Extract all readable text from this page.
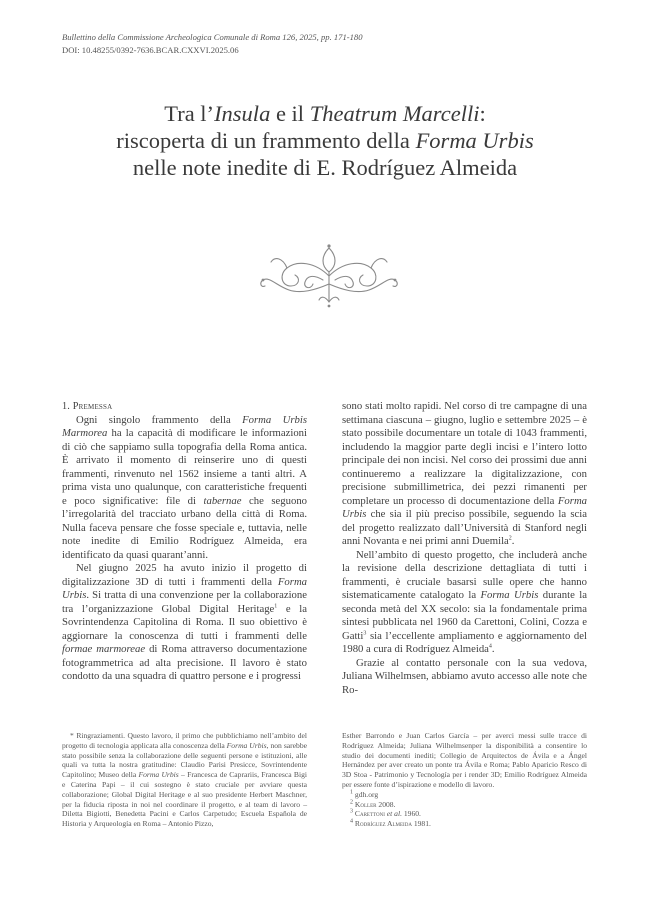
Bullettino della Commissione Archeologica Comunale di Roma 126, 2025, pp. 171-180
DOI: 10.48255/0392-7636.BCAR.CXXVI.2025.06
Tra l’Insula e il Theatrum Marcelli:
riscoperta di un frammento della Forma Urbis
nelle note inedite di E. Rodríguez Almeida

1. Premessa

Ogni singolo frammento della Forma Urbis Marmorea ha la capacità di modificare le informazioni di ciò che sappiamo sulla topografia della Roma antica. È arrivato il momento di reinserire uno di questi frammenti, rinvenuto nel 1562 insieme a tanti altri. A prima vista uno qualunque, con caratteristiche frequenti e poco significative: file di tabernae che seguono l’irregolarità del tracciato urbano della città di Roma. Nulla faceva pensare che fosse speciale e, tuttavia, nelle note inedite di Emilio Rodríguez Almeida, era identificato da quasi quarant’anni.

Nel giugno 2025 ha avuto inizio il progetto di digitalizzazione 3D di tutti i frammenti della Forma Urbis. Si tratta di una convenzione per la collaborazione tra l’organizzazione Global Digital Heritage$^1$ e la Sovrintendenza Capitolina di Roma. Il suo obiettivo è aggiornare la conoscenza di tutti i frammenti delle formae marmoreae di Roma attraverso documentazione fotogrammetrica ad alta precisione. Il lavoro è stato condotto da una squadra di quattro persone e i progressi

sono stati molto rapidi. Nel corso di tre campagne di una settimana ciascuna – giugno, luglio e settembre 2025 – è stato possibile documentare un totale di 1043 frammenti, includendo la maggior parte degli incisi e l’intero lotto principale dei non incisi. Nel corso dei prossimi due anni continueremo a realizzare la digitalizzazione, con precisione submillimetrica, dei pezzi rimanenti per completare un processo di documentazione della Forma Urbis che sia il più preciso possibile, seguendo la scia del progetto realizzato dall’Università di Stanford negli anni Novanta e nei primi anni Duemila$^2$.

Nell’ambito di questo progetto, che includerà anche la revisione della descrizione dettagliata di tutti i frammenti, è cruciale basarsi sulle opere che hanno sistematicamente catalogato la Forma Urbis durante la seconda metà del XX secolo: sia la fondamentale prima sintesi pubblicata nel 1960 da Carettoni, Colini, Cozza e Gatti$^3$ sia l’eccellente ampliamento e aggiornamento del 1980 a cura di Rodríguez Almeida$^4$.

Grazie al contatto personale con la sua vedova, Juliana Wilhelmsen, abbiamo avuto accesso alle note che Ro-

* Ringraziamenti. Questo lavoro, il primo che pubblichiamo nell’ambito del progetto di tecnologia applicata alla conoscenza della Forma Urbis, non sarebbe stato possibile senza la collaborazione delle seguenti persone e istituzioni, alle quali va tutta la nostra gratitudine: Claudio Parisi Presicce, Sovrintendente Capitolino; Museo della Forma Urbis – Francesca de Caprariis, Francesca Bigi e Caterina Papi – il cui sostegno è stato cruciale per avviare questa collaborazione; Global Digital Heritage e al suo presidente Herbert Maschner, per la fiducia riposta in noi nel coordinare il progetto, e al team di lavoro – Diletta Bigiotti, Benedetta Pacini e Carlos Carpetudo; Escuela Española de Historia y Arqueología en Roma – Antonio Pizzo,

Esther Barrondo e Juan Carlos García – per averci messi sulle tracce di Rodríguez Almeida; Juliana Wilhelmsenper la disponibilità a consentire lo studio dei documenti inediti; Collegio de Arquitectos de Ávila e a Ángel Hernández per aver creato un ponte tra Ávila e Roma; Pablo Aparicio Resco di 3D Stoa - Patrimonio y Tecnología per i render 3D; Emilio Rodríguez Almeida per essere fonte d’ispirazione e modello di lavoro.

$^1$ gdh.org

$^2$ Koller 2008.

$^3$ Carettoni et al. 1960.

$^4$ Rodríguez Almeida 1981.
